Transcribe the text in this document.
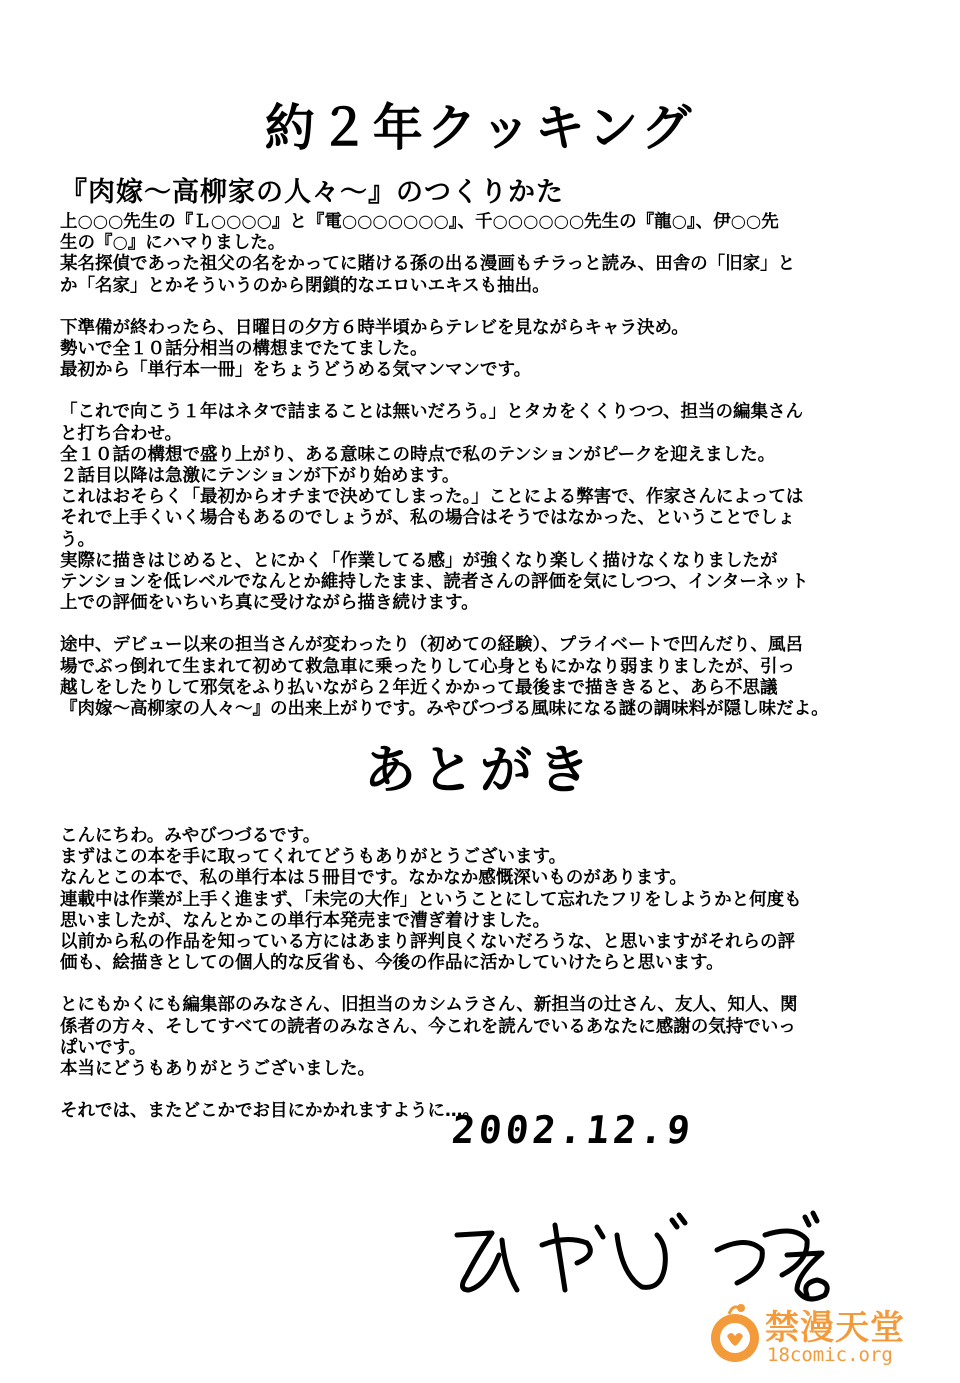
約２年クッキング
『肉嫁～高柳家の人々～』のつくりかた

上○○○先生の『Ｌ○○○○』と『電○○○○○○○』、千○○○○○○先生の『龍○』、伊○○先

生の『○』にハマりました。

某名探偵であった祖父の名をかってに賭ける孫の出る漫画もチラっと読み、田舎の「旧家」と

か「名家」とかそういうのから閉鎖的なエロいエキスも抽出。

下準備が終わったら、日曜日の夕方６時半頃からテレビを見ながらキャラ決め。

勢いで全１０話分相当の構想までたてました。

最初から「単行本一冊」をちょうどうめる気マンマンです。

「これで向こう１年はネタで詰まることは無いだろう。」とタカをくくりつつ、担当の編集さん

と打ち合わせ。

全１０話の構想で盛り上がり、ある意味この時点で私のテンションがピークを迎えました。

２話目以降は急激にテンションが下がり始めます。

これはおそらく「最初からオチまで決めてしまった。」ことによる弊害で、作家さんによっては

それで上手くいく場合もあるのでしょうが、私の場合はそうではなかった、ということでしょ

う。

実際に描きはじめると、とにかく「作業してる感」が強くなり楽しく描けなくなりましたが

テンションを低レベルでなんとか維持したまま、読者さんの評価を気にしつつ、インターネット

上での評価をいちいち真に受けながら描き続けます。

途中、デビュー以来の担当さんが変わったり（初めての経験）、プライベートで凹んだり、風呂

場でぶっ倒れて生まれて初めて救急車に乗ったりして心身ともにかなり弱まりましたが、引っ

越しをしたりして邪気をふり払いながら２年近くかかって最後まで描ききると、あら不思議

『肉嫁～高柳家の人々～』の出来上がりです。みやびつづる風味になる謎の調味料が隠し味だよ。

あとがき

こんにちわ。みやびつづるです。

まずはこの本を手に取ってくれてどうもありがとうございます。

なんとこの本で、私の単行本は５冊目です。なかなか感慨深いものがあります。

連載中は作業が上手く進まず、「未完の大作」ということにして忘れたフリをしようかと何度も

思いましたが、なんとかこの単行本発売まで漕ぎ着けました。

以前から私の作品を知っている方にはあまり評判良くないだろうな、と思いますがそれらの評

価も、絵描きとしての個人的な反省も、今後の作品に活かしていけたらと思います。

とにもかくにも編集部のみなさん、旧担当のカシムラさん、新担当の辻さん、友人、知人、関

係者の方々、そしてすべての読者のみなさん、今これを読んでいるあなたに感謝の気持でいっ

ぱいです。

本当にどうもありがとうございました。

それでは、またどこかでお目にかかれますように…。

2002.12.9
禁漫天堂
18comic.org
